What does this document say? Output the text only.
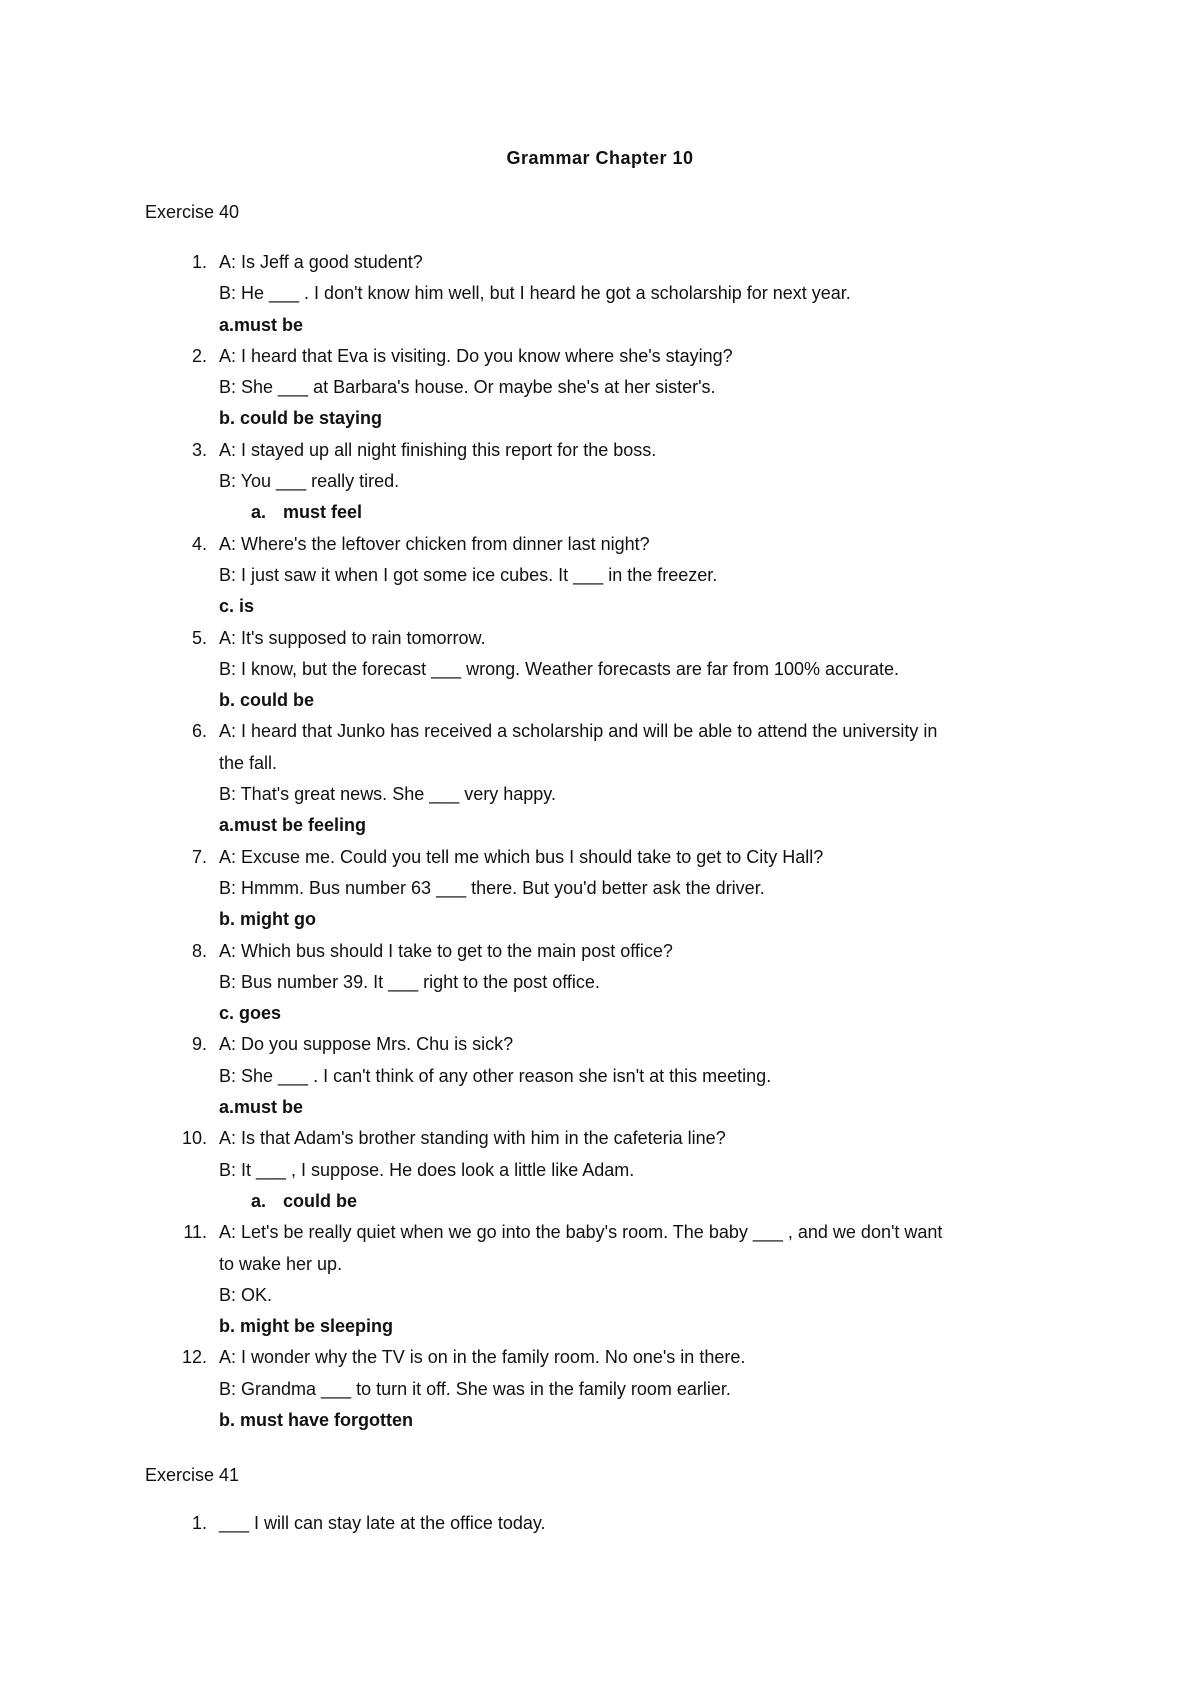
Grammar Chapter 10
Exercise 40
1. A: Is Jeff a good student?
B: He ___ . I don't know him well, but I heard he got a scholarship for next year.
a.must be
2. A: I heard that Eva is visiting. Do you know where she's staying?
B: She ___ at Barbara's house. Or maybe she's at her sister's.
b. could be staying
3. A: I stayed up all night finishing this report for the boss.
B: You ___ really tired.
a. must feel
4. A: Where's the leftover chicken from dinner last night?
B: I just saw it when I got some ice cubes. It ___ in the freezer.
c. is
5. A: It's supposed to rain tomorrow.
B: I know, but the forecast ___ wrong. Weather forecasts are far from 100% accurate.
b. could be
6. A: I heard that Junko has received a scholarship and will be able to attend the university in
the fall.
B: That's great news. She ___ very happy.
a.must be feeling
7. A: Excuse me. Could you tell me which bus I should take to get to City Hall?
B: Hmmm. Bus number 63 ___ there. But you'd better ask the driver.
b. might go
8. A: Which bus should I take to get to the main post office?
B: Bus number 39. It ___ right to the post office.
c. goes
9. A: Do you suppose Mrs. Chu is sick?
B: She ___ . I can't think of any other reason she isn't at this meeting.
a.must be
10. A: Is that Adam's brother standing with him in the cafeteria line?
B: It ___ , I suppose. He does look a little like Adam.
a. could be
11. A: Let's be really quiet when we go into the baby's room. The baby ___ , and we don't want
to wake her up.
B: OK.
b. might be sleeping
12. A: I wonder why the TV is on in the family room. No one's in there.
B: Grandma ___ to turn it off. She was in the family room earlier.
b. must have forgotten
Exercise 41
1. ___ I will can stay late at the office today.
